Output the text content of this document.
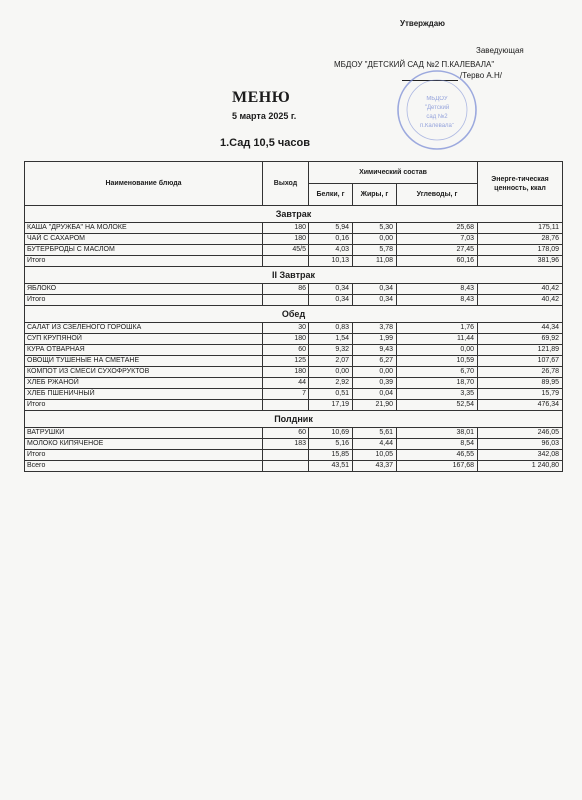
Утверждаю
Заведующая
МБДОУ "ДЕТСКИЙ САД №2 П.КАЛЕВАЛА"
/Терво А.Н/
МБДОУ
"Детский
сад №2
п.Калевала"
МЕНЮ
5 марта 2025 г.
1.Сад 10,5 часов
Наименование блюда	Выход	Химический состав			Энерге-тическая ценность, ккал
		Белки, г	Жиры, г	Углеводы, г	
Завтрак					
КАША "ДРУЖБА" НА МОЛОКЕ	180	5,94	5,30	25,68	175,11
ЧАЙ С САХАРОМ	180	0,16	0,00	7,03	28,76
БУТЕРБРОДЫ С МАСЛОМ	45/5	4,03	5,78	27,45	178,09
Итого		10,13	11,08	60,16	381,96
II Завтрак					
ЯБЛОКО	86	0,34	0,34	8,43	40,42
Итого		0,34	0,34	8,43	40,42
Обед					
САЛАТ ИЗ СЗЕЛЕНОГО ГОРОШКА	30	0,83	3,78	1,76	44,34
СУП КРУПЯНОЙ	180	1,54	1,99	11,44	69,92
КУРА ОТВАРНАЯ	60	9,32	9,43	0,00	121,89
ОВОЩИ ТУШЕНЫЕ НА СМЕТАНЕ	125	2,07	6,27	10,59	107,67
КОМПОТ ИЗ СМЕСИ СУХОФРУКТОВ	180	0,00	0,00	6,70	26,78
ХЛЕБ РЖАНОЙ	44	2,92	0,39	18,70	89,95
ХЛЕБ ПШЕНИЧНЫЙ	7	0,51	0,04	3,35	15,79
Итого		17,19	21,90	52,54	476,34
Полдник					
ВАТРУШКИ	60	10,69	5,61	38,01	246,05
МОЛОКО КИПЯЧЕНОЕ	183	5,16	4,44	8,54	96,03
Итого		15,85	10,05	46,55	342,08
Всего		43,51	43,37	167,68	1 240,80
